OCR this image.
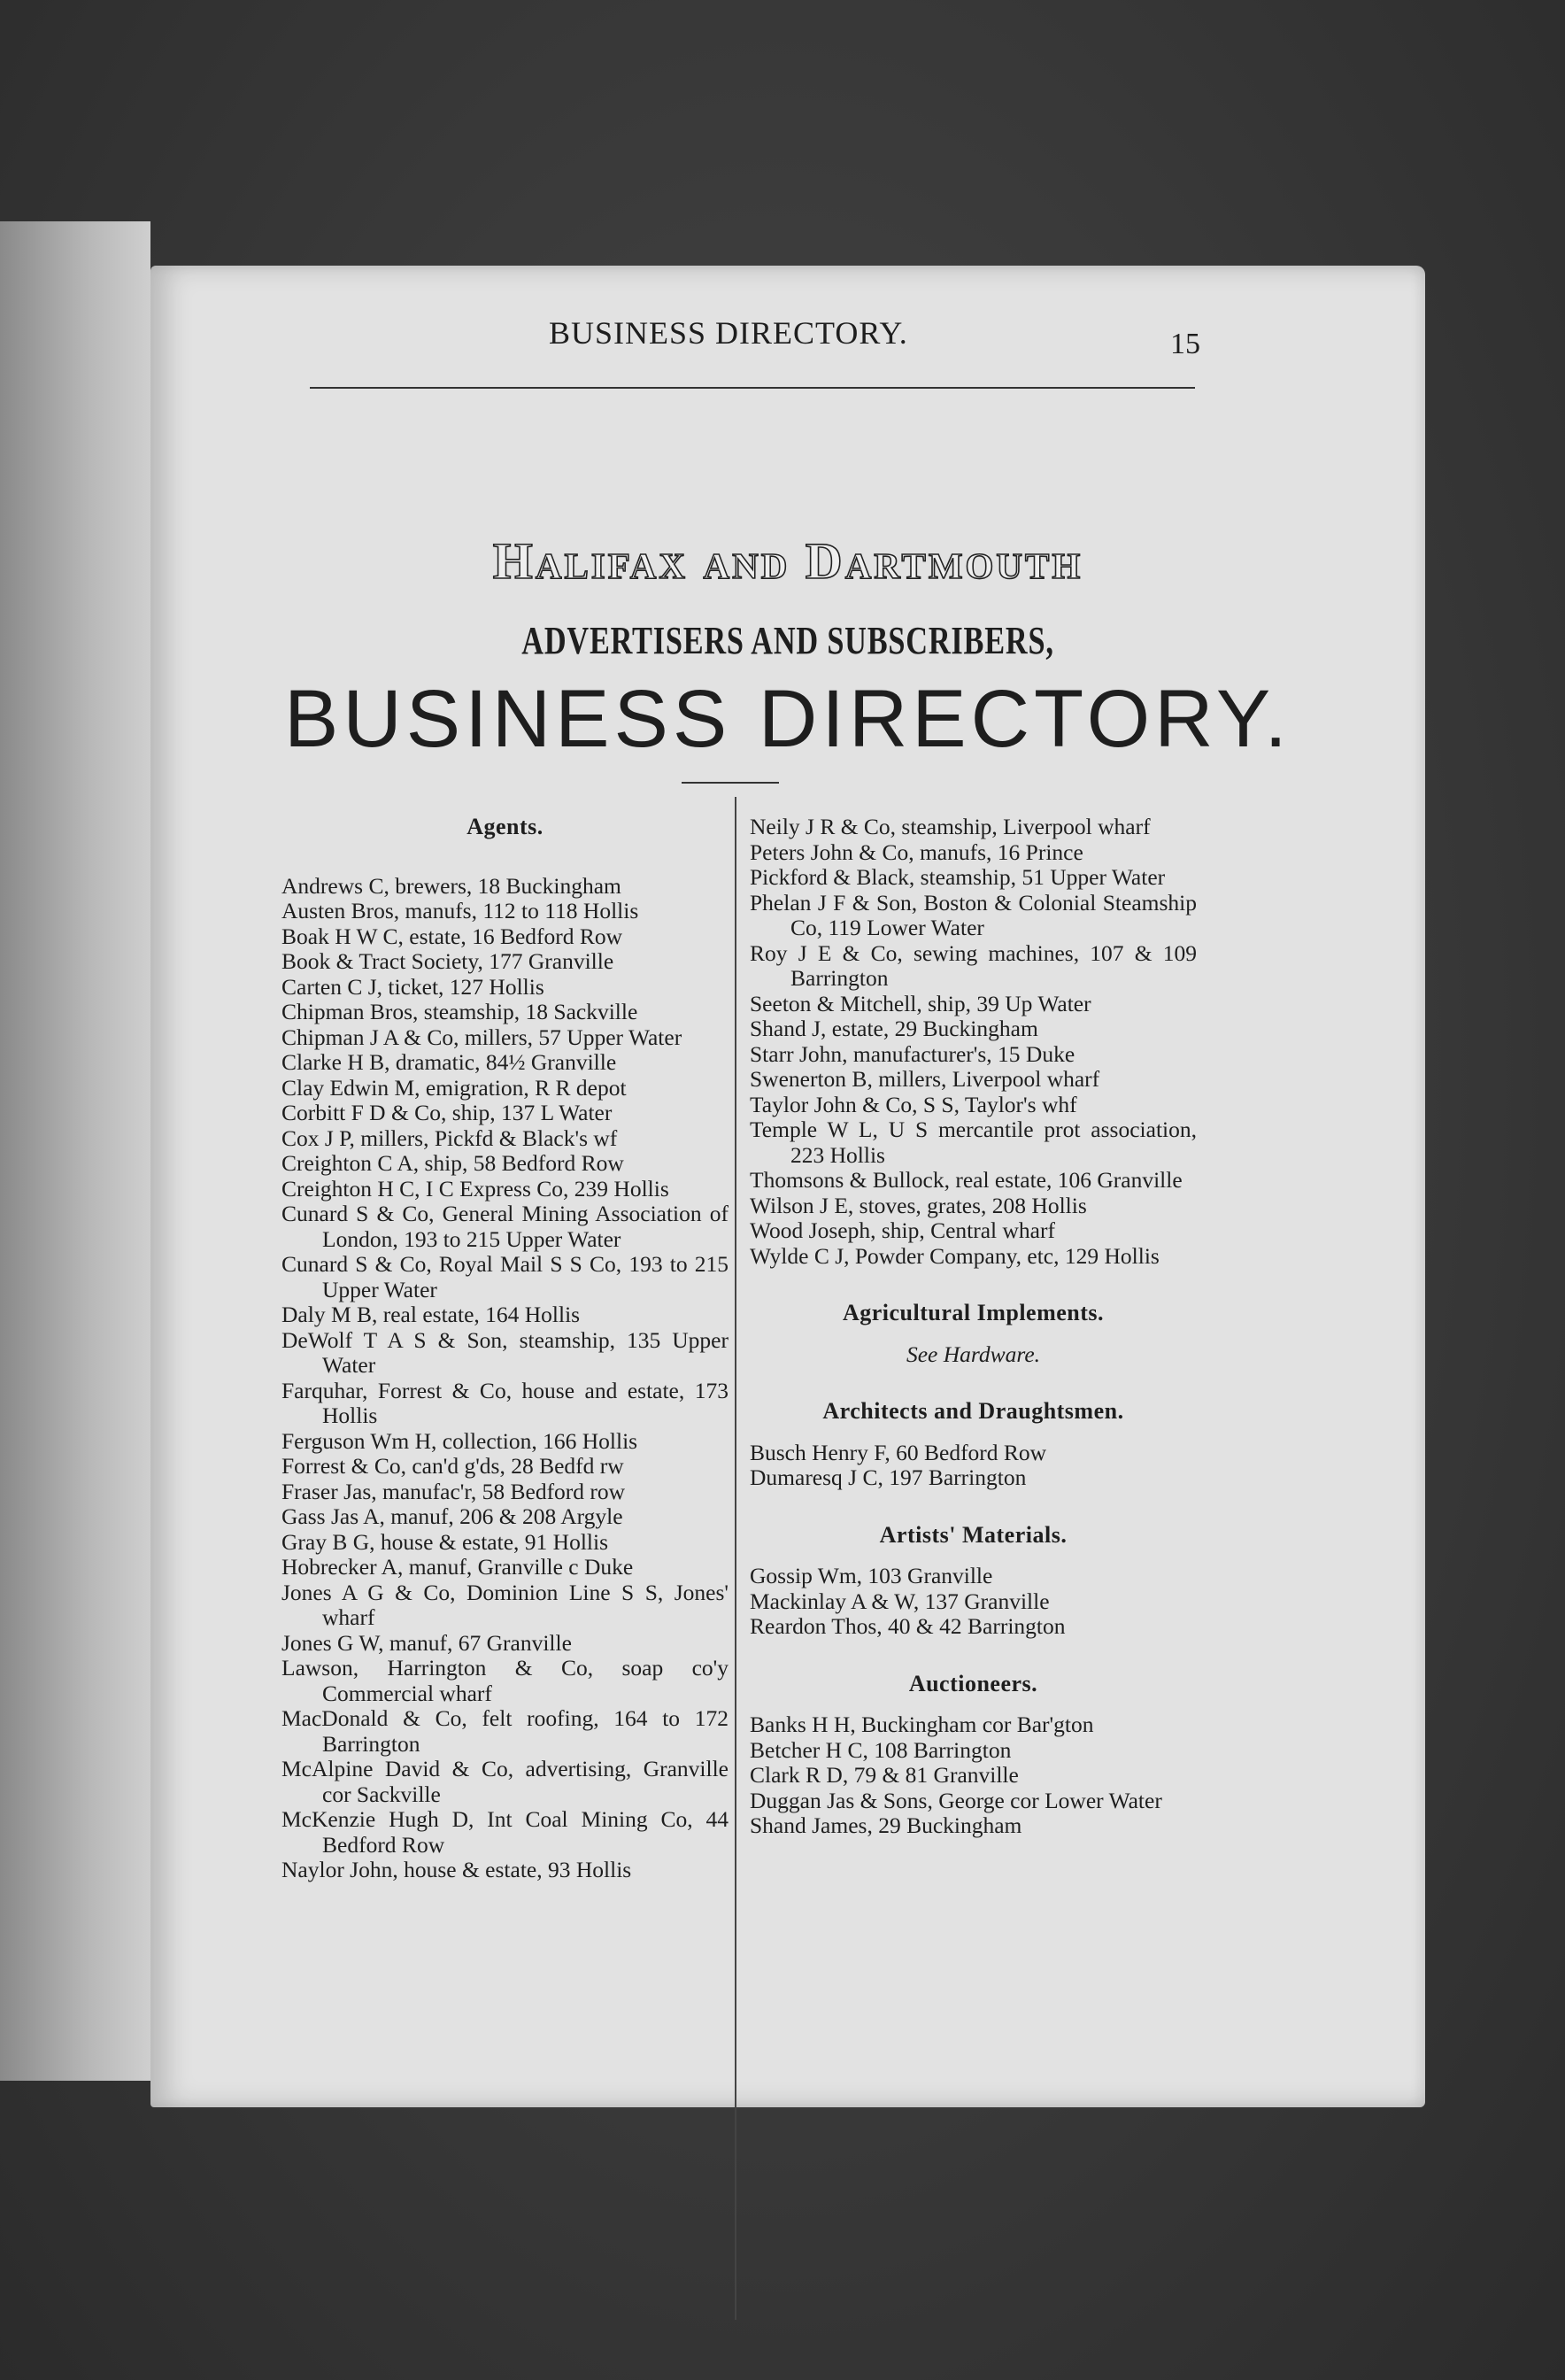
BUSINESS DIRECTORY.	15
Halifax and Dartmouth
ADVERTISERS AND SUBSCRIBERS,
BUSINESS DIRECTORY.
Agents.
Andrews C, brewers, 18 Buckingham
Austen Bros, manufs, 112 to 118 Hollis
Boak H W C, estate, 16 Bedford Row
Book & Tract Society, 177 Granville
Carten C J, ticket, 127 Hollis
Chipman Bros, steamship, 18 Sackville
Chipman J A & Co, millers, 57 Upper Water
Clarke H B, dramatic, 84½ Granville
Clay Edwin M, emigration, R R depot
Corbitt F D & Co, ship, 137 L Water
Cox J P, millers, Pickfd & Black's wf
Creighton C A, ship, 58 Bedford Row
Creighton H C, I C Express Co, 239 Hollis
Cunard S & Co, General Mining Association of London, 193 to 215 Upper Water
Cunard S & Co, Royal Mail S S Co, 193 to 215 Upper Water
Daly M B, real estate, 164 Hollis
DeWolf T A S & Son, steamship, 135 Upper Water
Farquhar, Forrest & Co, house and estate, 173 Hollis
Ferguson Wm H, collection, 166 Hollis
Forrest & Co, can'd g'ds, 28 Bedfd rw
Fraser Jas, manufac'r, 58 Bedford row
Gass Jas A, manuf, 206 & 208 Argyle
Gray B G, house & estate, 91 Hollis
Hobrecker A, manuf, Granville c Duke
Jones A G & Co, Dominion Line S S, Jones' wharf
Jones G W, manuf, 67 Granville
Lawson, Harrington & Co, soap co'y Commercial wharf
MacDonald & Co, felt roofing, 164 to 172 Barrington
McAlpine David & Co, advertising, Granville cor Sackville
McKenzie Hugh D, Int Coal Mining Co, 44 Bedford Row
Naylor John, house & estate, 93 Hollis
Neily J R & Co, steamship, Liverpool wharf
Peters John & Co, manufs, 16 Prince
Pickford & Black, steamship, 51 Upper Water
Phelan J F & Son, Boston & Colonial Steamship Co, 119 Lower Water
Roy J E & Co, sewing machines, 107 & 109 Barrington
Seeton & Mitchell, ship, 39 Up Water
Shand J, estate, 29 Buckingham
Starr John, manufacturer's, 15 Duke
Swenerton B, millers, Liverpool wharf
Taylor John & Co, S S, Taylor's whf
Temple W L, U S mercantile prot association, 223 Hollis
Thomsons & Bullock, real estate, 106 Granville
Wilson J E, stoves, grates, 208 Hollis
Wood Joseph, ship, Central wharf
Wylde C J, Powder Company, etc, 129 Hollis
Agricultural Implements.
See Hardware.
Architects and Draughtsmen.
Busch Henry F, 60 Bedford Row
Dumaresq J C, 197 Barrington
Artists' Materials.
Gossip Wm, 103 Granville
Mackinlay A & W, 137 Granville
Reardon Thos, 40 & 42 Barrington
Auctioneers.
Banks H H, Buckingham cor Bar'gton
Betcher H C, 108 Barrington
Clark R D, 79 & 81 Granville
Duggan Jas & Sons, George cor Lower Water
Shand James, 29 Buckingham
